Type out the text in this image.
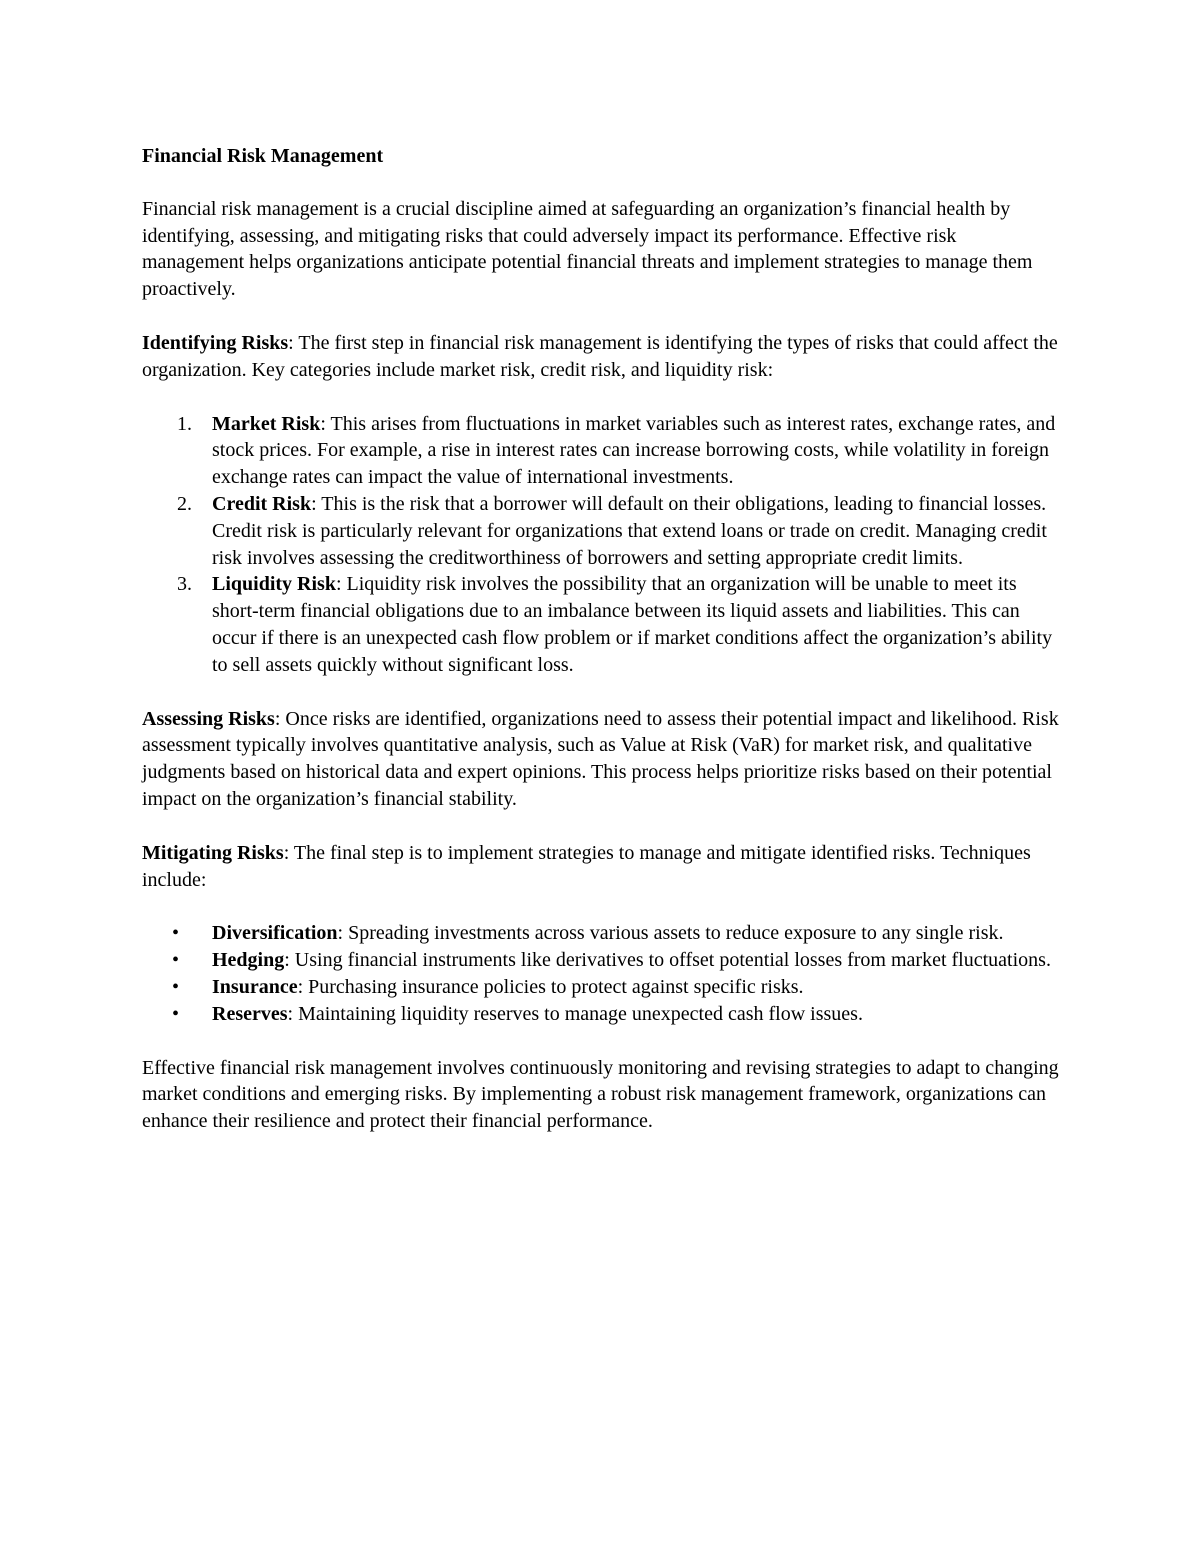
Financial Risk Management

Financial risk management is a crucial discipline aimed at safeguarding an organization’s financial health by identifying, assessing, and mitigating risks that could adversely impact its performance. Effective risk management helps organizations anticipate potential financial threats and implement strategies to manage them proactively.

Identifying Risks: The first step in financial risk management is identifying the types of risks that could affect the organization. Key categories include market risk, credit risk, and liquidity risk:

1. Market Risk: This arises from fluctuations in market variables such as interest rates, exchange rates, and stock prices. For example, a rise in interest rates can increase borrowing costs, while volatility in foreign exchange rates can impact the value of international investments.
2. Credit Risk: This is the risk that a borrower will default on their obligations, leading to financial losses. Credit risk is particularly relevant for organizations that extend loans or trade on credit. Managing credit risk involves assessing the creditworthiness of borrowers and setting appropriate credit limits.
3. Liquidity Risk: Liquidity risk involves the possibility that an organization will be unable to meet its short-term financial obligations due to an imbalance between its liquid assets and liabilities. This can occur if there is an unexpected cash flow problem or if market conditions affect the organization’s ability to sell assets quickly without significant loss.

Assessing Risks: Once risks are identified, organizations need to assess their potential impact and likelihood. Risk assessment typically involves quantitative analysis, such as Value at Risk (VaR) for market risk, and qualitative judgments based on historical data and expert opinions. This process helps prioritize risks based on their potential impact on the organization’s financial stability.

Mitigating Risks: The final step is to implement strategies to manage and mitigate identified risks. Techniques include:

• Diversification: Spreading investments across various assets to reduce exposure to any single risk.
• Hedging: Using financial instruments like derivatives to offset potential losses from market fluctuations.
• Insurance: Purchasing insurance policies to protect against specific risks.
• Reserves: Maintaining liquidity reserves to manage unexpected cash flow issues.

Effective financial risk management involves continuously monitoring and revising strategies to adapt to changing market conditions and emerging risks. By implementing a robust risk management framework, organizations can enhance their resilience and protect their financial performance.
